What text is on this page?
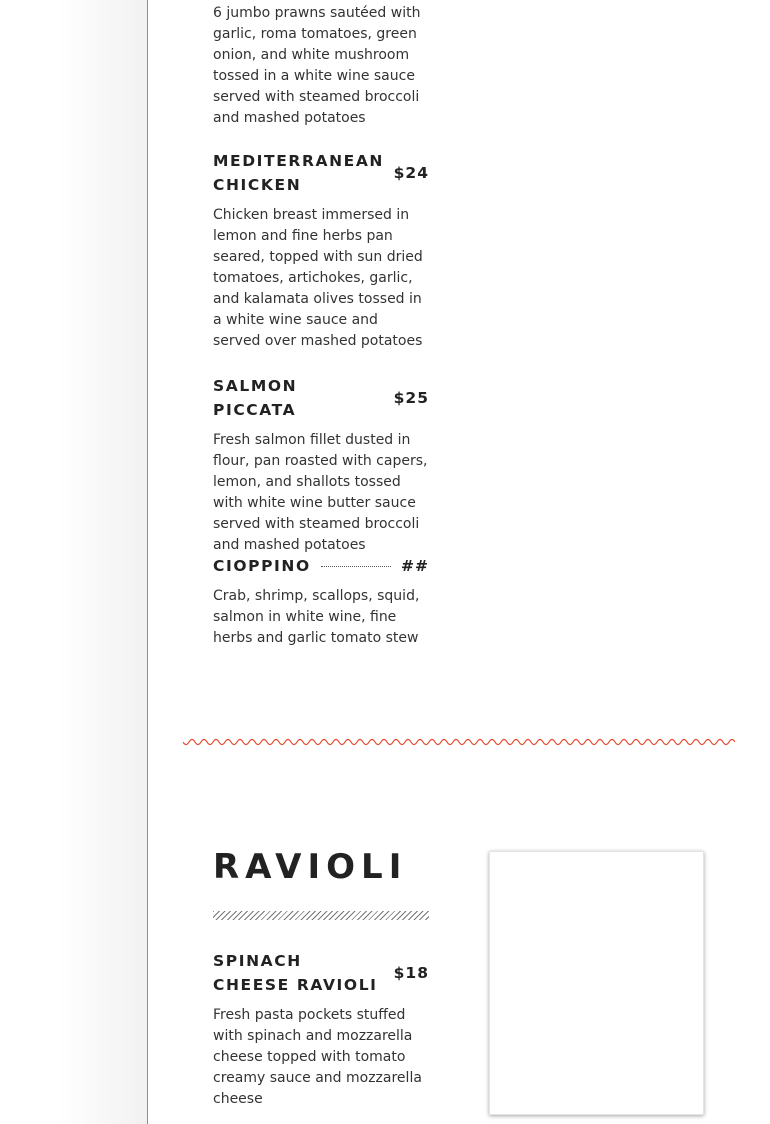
6 jumbo prawns sautéed with garlic, roma tomatoes, green onion, and white mushroom tossed in a white wine sauce served with steamed broccoli and mashed potatoes

MEDITERRANEAN CHICKEN
$24

Chicken breast immersed in lemon and fine herbs pan seared, topped with sun dried tomatoes, artichokes, garlic, and kalamata olives tossed in a white wine sauce and served over mashed potatoes

SALMON PICCATA
$25

Fresh salmon fillet dusted in flour, pan roasted with capers, lemon, and shallots tossed with white wine butter sauce served with steamed broccoli and mashed potatoes

CIOPPINO	##

Crab, shrimp, scallops, squid, salmon in white wine, fine herbs and garlic tomato stew

RAVIOLI
SPINACH CHEESE RAVIOLI
$18

Fresh pasta pockets stuffed with spinach and mozzarella cheese topped with tomato creamy sauce and mozzarella cheese
